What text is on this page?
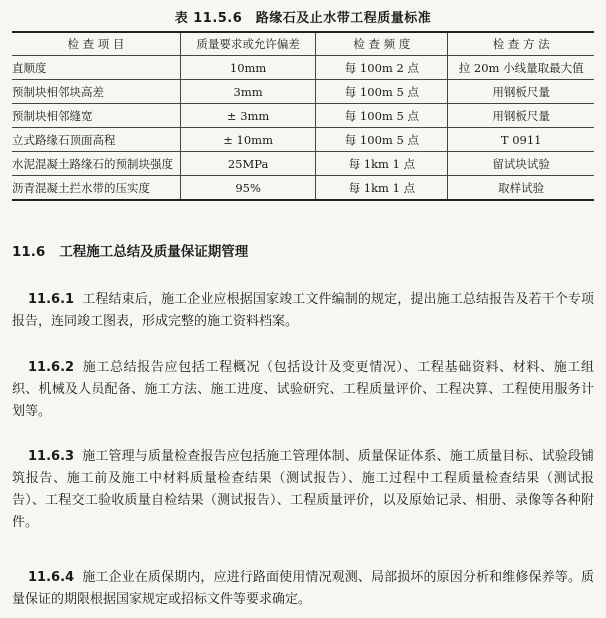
表 11.5.6　路缘石及止水带工程质量标准
检 查 项 目	质量要求或允许偏差	检 查 频 度	检 查 方 法
直顺度	10mm	每 100m 2 点	拉 20m 小线量取最大值
预制块相邻块高差	3mm	每 100m 5 点	用钢板尺量
预制块相邻缝宽	± 3mm	每 100m 5 点	用钢板尺量
立式路缘石顶面高程	± 10mm	每 100m 5 点	T 0911
水泥混凝土路缘石的预制块强度	25MPa	每 1km 1 点	留试块试验
沥青混凝土拦水带的压实度	95%	每 1km 1 点	取样试验
11.6 工程施工总结及质量保证期管理

11.6.1 工程结束后，施工企业应根据国家竣工文件编制的规定，提出施工总结报告及若干个专项报告，连同竣工图表，形成完整的施工资料档案。

11.6.2 施工总结报告应包括工程概况（包括设计及变更情况）、工程基础资料、材料、施工组织、机械及人员配备、施工方法、施工进度、试验研究、工程质量评价、工程决算、工程使用服务计划等。

11.6.3 施工管理与质量检查报告应包括施工管理体制、质量保证体系、施工质量目标、试验段铺筑报告、施工前及施工中材料质量检查结果（测试报告）、施工过程中工程质量检查结果（测试报告）、工程交工验收质量自检结果（测试报告）、工程质量评价，以及原始记录、相册、录像等各种附件。

11.6.4 施工企业在质保期内，应进行路面使用情况观测、局部损坏的原因分析和维修保养等。质量保证的期限根据国家规定或招标文件等要求确定。
